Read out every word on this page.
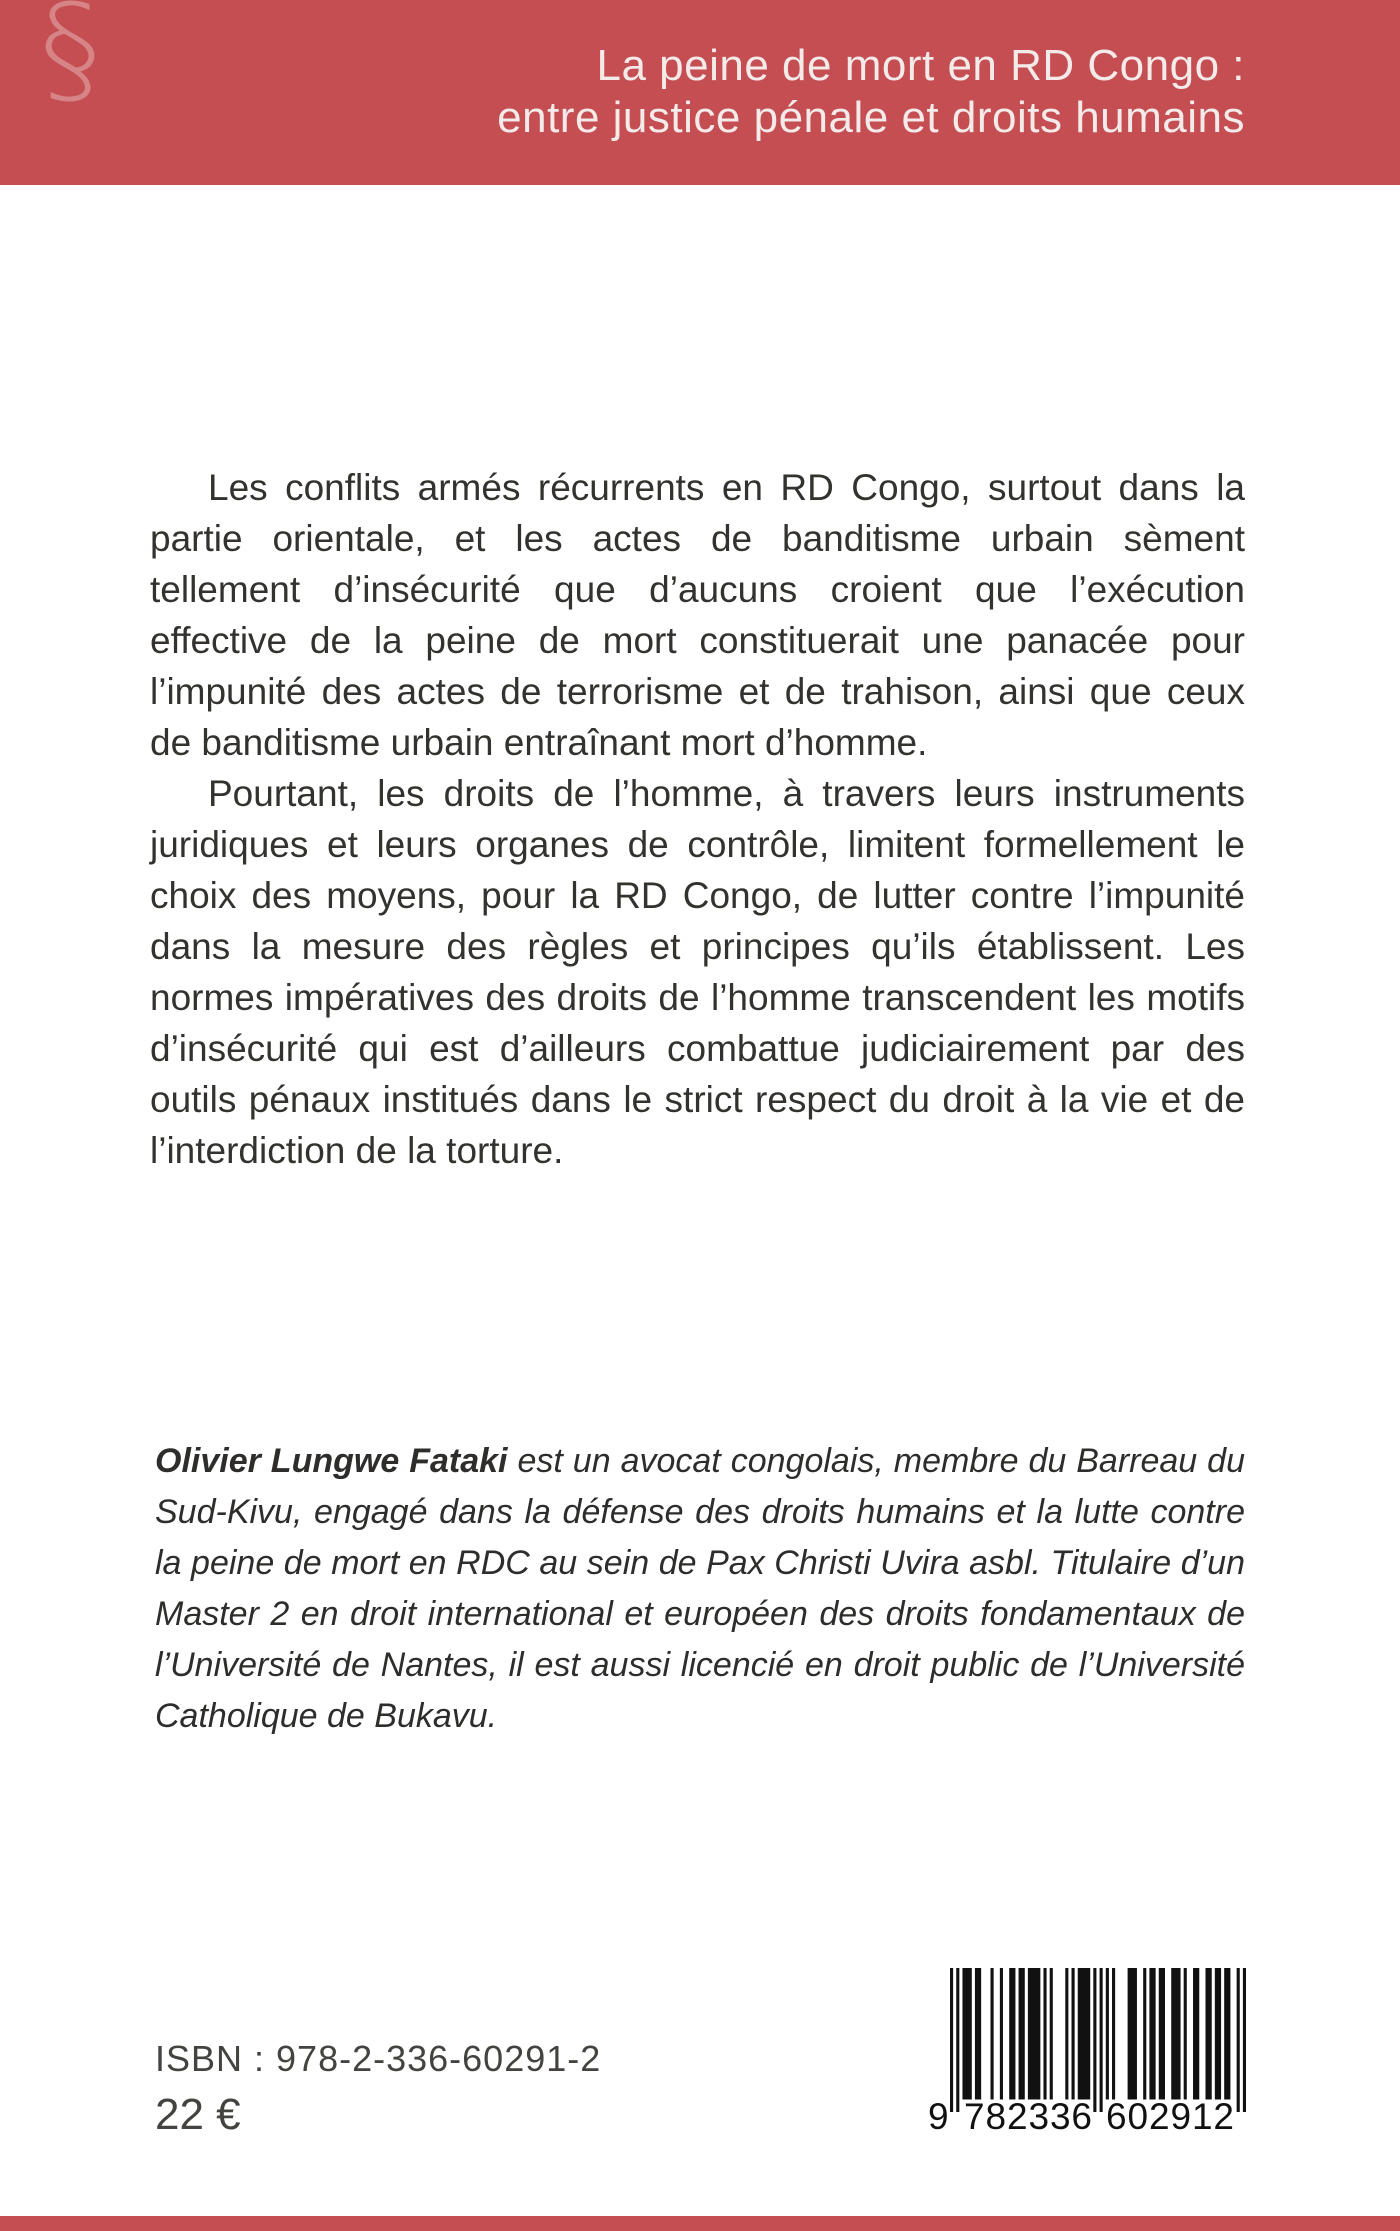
§	La peine de mort en RD Congo :
entre justice pénale et droits humains

Les conflits armés récurrents en RD Congo, surtout dans la partie orientale, et les actes de banditisme urbain sèment tellement d’insécurité que d’aucuns croient que l’exécution effective de la peine de mort constituerait une panacée pour l’impunité des actes de terrorisme et de trahison, ainsi que ceux de banditisme urbain entraînant mort d’homme.

Pourtant, les droits de l’homme, à travers leurs instruments juridiques et leurs organes de contrôle, limitent formellement le choix des moyens, pour la RD Congo, de lutter contre l’impunité dans la mesure des règles et principes qu’ils établissent. Les normes impératives des droits de l’homme transcendent les motifs d’insécurité qui est d’ailleurs combattue judiciairement par des outils pénaux institués dans le strict respect du droit à la vie et de l’interdiction de la torture.

Olivier Lungwe Fataki est un avocat congolais, membre du Barreau du Sud-Kivu, engagé dans la défense des droits humains et la lutte contre la peine de mort en RDC au sein de Pax Christi Uvira asbl. Titulaire d’un Master 2 en droit international et européen des droits fondamentaux de l’Université de Nantes, il est aussi licencié en droit public de l’Université Catholique de Bukavu.
ISBN : 978-2-336-60291-2
22 €	9 7 8 2 3 3 6 6 0 2 9 1 2
